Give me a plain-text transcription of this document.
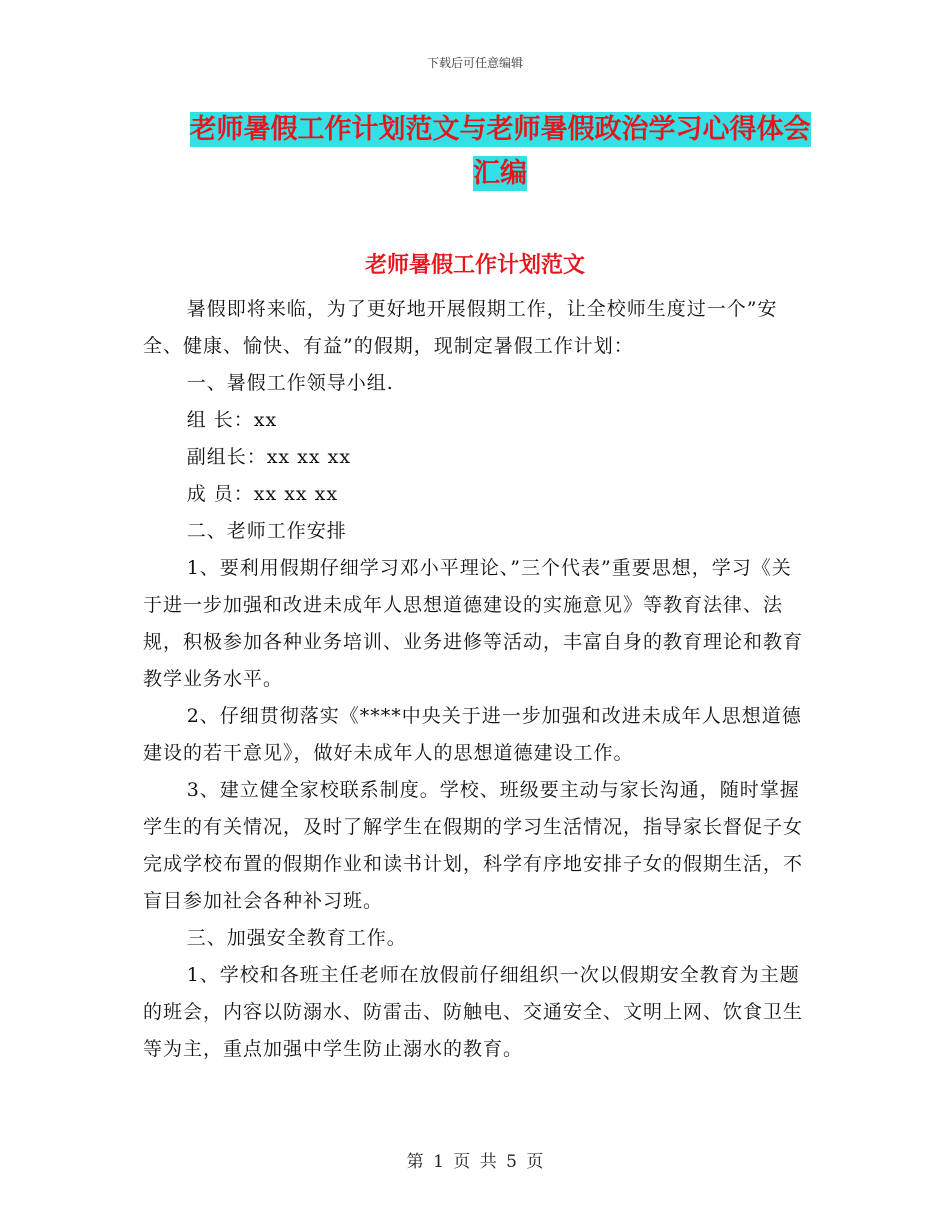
下载后可任意编辑
老师暑假工作计划范文与老师暑假政治学习心得体会
汇编
老师暑假工作计划范文

暑假即将来临，为了更好地开展假期工作，让全校师生度过一个”安全、健康、愉快、有益”的假期，现制定暑假工作计划：

一、暑假工作领导小组.

组 长：xx

副组长：xx xx xx

成 员：xx xx xx

二、老师工作安排

1、要利用假期仔细学习邓小平理论、”三个代表”重要思想，学习《关于进一步加强和改进未成年人思想道德建设的实施意见》等教育法律、法规，积极参加各种业务培训、业务进修等活动，丰富自身的教育理论和教育教学业务水平。

2、仔细贯彻落实《****中央关于进一步加强和改进未成年人思想道德建设的若干意见》，做好未成年人的思想道德建设工作。

3、建立健全家校联系制度。学校、班级要主动与家长沟通，随时掌握学生的有关情况，及时了解学生在假期的学习生活情况，指导家长督促子女完成学校布置的假期作业和读书计划，科学有序地安排子女的假期生活，不盲目参加社会各种补习班。

三、加强安全教育工作。

1、学校和各班主任老师在放假前仔细组织一次以假期安全教育为主题的班会，内容以防溺水、防雷击、防触电、交通安全、文明上网、饮食卫生等为主，重点加强中学生防止溺水的教育。

第 1 页 共 5 页
